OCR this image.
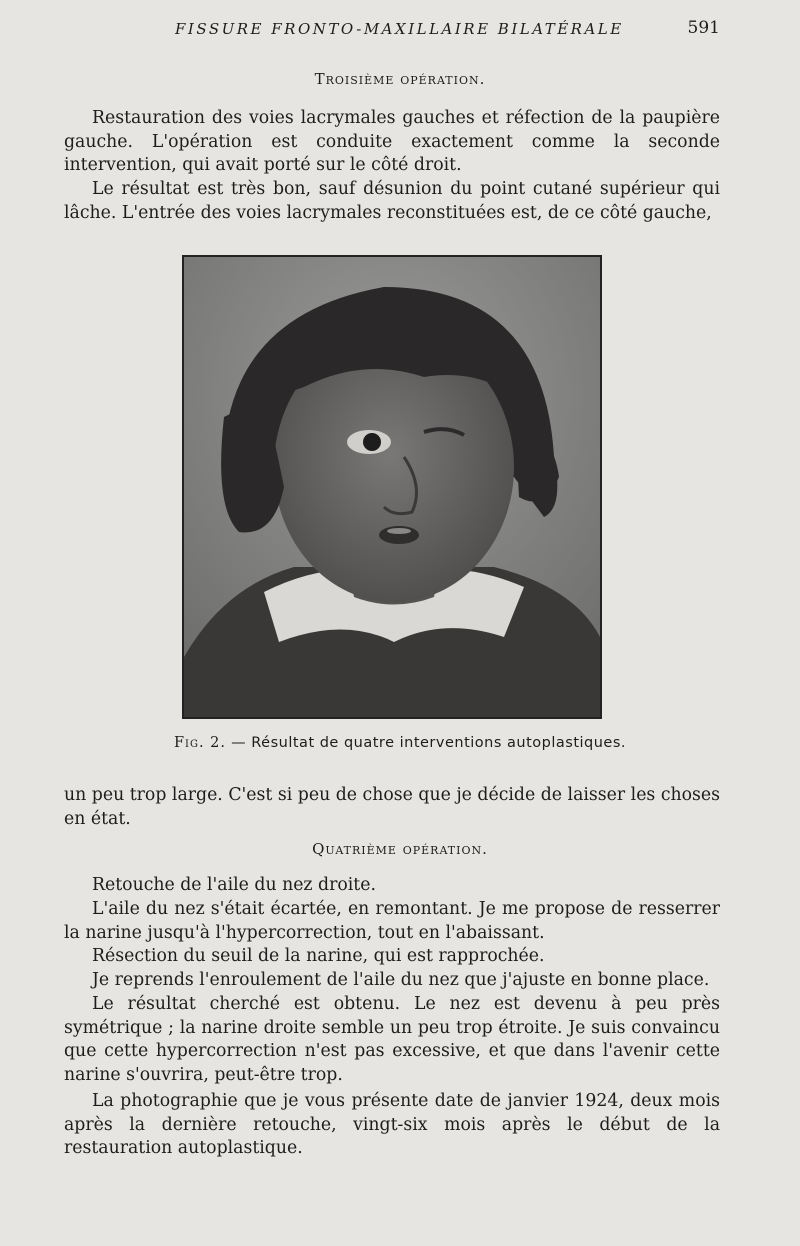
FISSURE FRONTO-MAXILLAIRE BILATÉRALE	591
Troisième opération.

Restauration des voies lacrymales gauches et réfection de la paupière gauche. L'opération est conduite exactement comme la seconde intervention, qui avait porté sur le côté droit.

Le résultat est très bon, sauf désunion du point cutané supérieur qui lâche. L'entrée des voies lacrymales reconstituées est, de ce côté gauche,

Fig. 2. — Résultat de quatre interventions autoplastiques.

un peu trop large. C'est si peu de chose que je décide de laisser les choses en état.

Quatrième opération.

Retouche de l'aile du nez droite.

L'aile du nez s'était écartée, en remontant. Je me propose de resserrer la narine jusqu'à l'hypercorrection, tout en l'abaissant.

Résection du seuil de la narine, qui est rapprochée.

Je reprends l'enroulement de l'aile du nez que j'ajuste en bonne place.

Le résultat cherché est obtenu. Le nez est devenu à peu près symétrique ; la narine droite semble un peu trop étroite. Je suis convaincu que cette hypercorrection n'est pas excessive, et que dans l'avenir cette narine s'ouvrira, peut-être trop.

La photographie que je vous présente date de janvier 1924, deux mois après la dernière retouche, vingt-six mois après le début de la restauration autoplastique.
